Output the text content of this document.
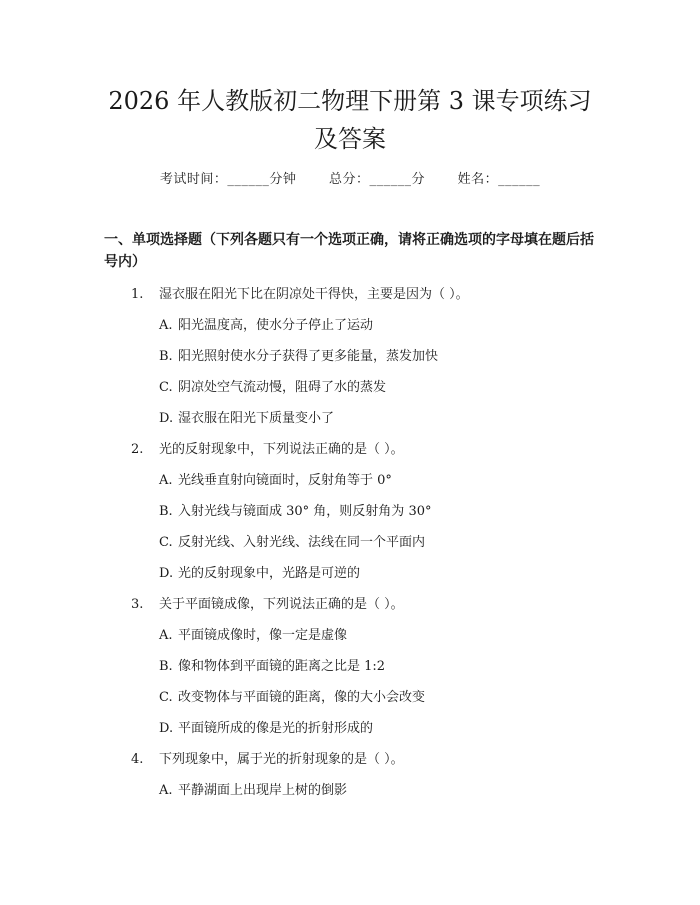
2026 年人教版初二物理下册第 3 课专项练习
及答案
考试时间：______分钟	总分：______分	姓名：______
一、单项选择题（下列各题只有一个选项正确，请将正确选项的字母填在题后括号内）
1. 湿衣服在阳光下比在阴凉处干得快，主要是因为（ ）。
A. 阳光温度高，使水分子停止了运动
B. 阳光照射使水分子获得了更多能量，蒸发加快
C. 阴凉处空气流动慢，阻碍了水的蒸发
D. 湿衣服在阳光下质量变小了
2. 光的反射现象中，下列说法正确的是（ ）。
A. 光线垂直射向镜面时，反射角等于 0°
B. 入射光线与镜面成 30° 角，则反射角为 30°
C. 反射光线、入射光线、法线在同一个平面内
D. 光的反射现象中，光路是可逆的
3. 关于平面镜成像，下列说法正确的是（ ）。
A. 平面镜成像时，像一定是虚像
B. 像和物体到平面镜的距离之比是 1:2
C. 改变物体与平面镜的距离，像的大小会改变
D. 平面镜所成的像是光的折射形成的
4. 下列现象中，属于光的折射现象的是（ ）。
A. 平静湖面上出现岸上树的倒影
